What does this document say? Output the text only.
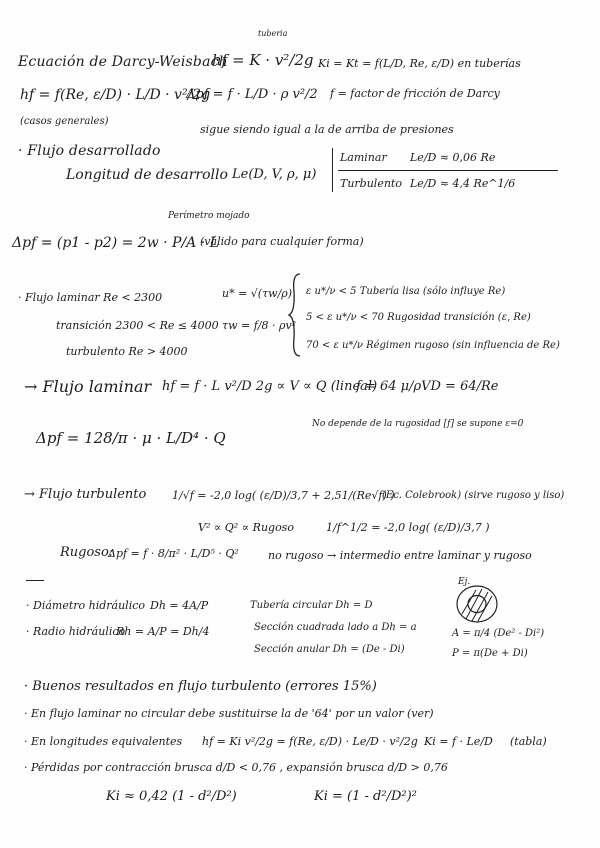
Ecuación de Darcy-Weisbach
tuberia
hf = K · v²/2g
hf = f(Re, ε/D) · L/D · v²/2g
(casos generales)
Δpf = f · L/D · ρ v²/2
Ki = Kt = f(L/D, Re, ε/D) en tuberías
f = factor de fricción de Darcy
sigue siendo igual a la de arriba de presiones
· Flujo desarrollado
Longitud de desarrollo Le(D, V, ρ, μ)
Laminar Le/D ≈ 0,06 Re
Turbulento Le/D ≈ 4,4 Re^1/6
Perímetro mojado
Δpf = (p1 - p2) = 2w · P/A · L
(válido para cualquier forma)
· Flujo laminar Re < 2300
transición 2300 < Re ≤ 4000
turbulento Re > 4000
u* = √(τw/ρ)
τw = f/8 · ρv²
ε u*/ν < 5 Tubería lisa (sólo influye Re)
5 < ε u*/ν < 70 Rugosidad transición (ε, Re)
70 < ε u*/ν Régimen rugoso (sin influencia de Re)
→ Flujo laminar hf = f · L v²/D 2g ∝ V ∝ Q (lineal)
f = 64 μ/ρVD = 64/Re
No depende de la rugosidad [f] se supone ε=0
Δpf = 128/π · μ · L/D⁴ · Q
→ Flujo turbulento 1/√f = -2,0 log( (ε/D)/3,7 + 2,51/(Re√f) )
(Ec. Colebrook) (sirve rugoso y liso)
V² ∝ Q² ∝ Rugoso	1/f^1/2 = -2,0 log( (ε/D)/3,7 )
Rugoso:
Δpf = f · 8/π² · L/D⁵ · Q²	no rugoso → intermedio entre laminar y rugoso
· Diámetro hidráulico Dh = 4A/P
· Radio hidráulico
Rh = A/P = Dh/4
Tubería circular Dh = D
Sección cuadrada lado a Dh = a
Sección anular Dh = (De - Di)
Ej.
A = π/4 (De² - Di²)
P = π(De + Di)
· Buenos resultados en flujo turbulento (errores 15%)
· En flujo laminar no circular debe sustituirse la de '64' por un valor (ver)
· En longitudes equivalentes hf = Ki v²/2g = f(Re, ε/D) · Le/D · v²/2g Ki = f · Le/D (tabla)
· Pérdidas por contracción brusca d/D < 0,76 , expansión brusca d/D > 0,76
Ki ≈ 0,42 (1 - d²/D²)	Ki = (1 - d²/D²)²
